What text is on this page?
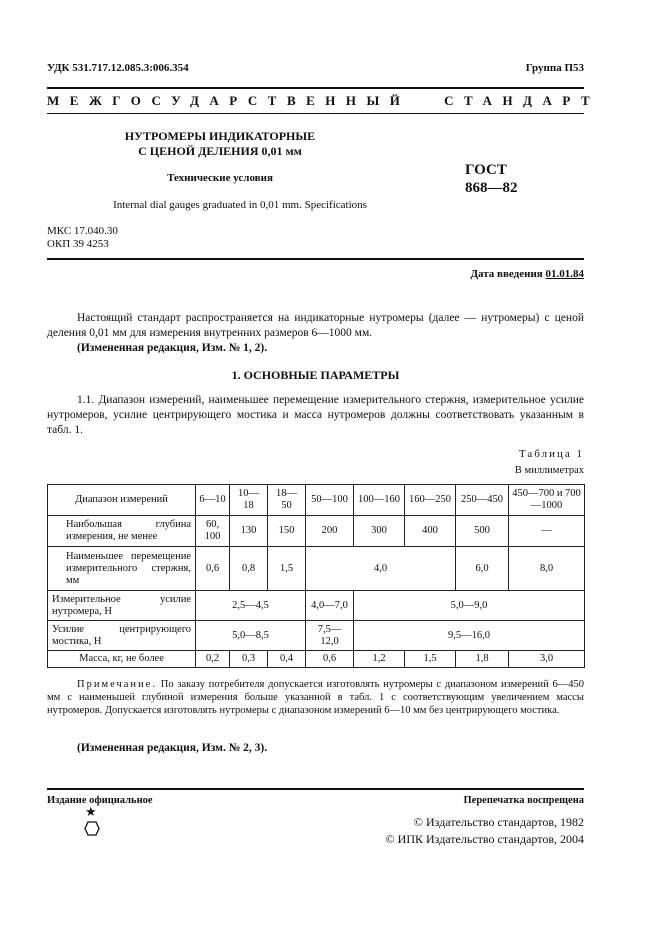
УДК 531.717.12.085.3:006.354	Группа П53
МЕЖГОСУДАРСТВЕННЫЙ СТАНДАРТ
НУТРОМЕРЫ ИНДИКАТОРНЫЕ
С ЦЕНОЙ ДЕЛЕНИЯ 0,01 мм
Технические условия	ГОСТ
868—82
Internal dial gauges graduated in 0,01 mm. Specifications
МКС 17.040.30
ОКП 39 4253
Дата введения 01.01.84
Настоящий стандарт распространяется на индикаторные нутромеры (далее — нутромеры) с ценой деления 0,01 мм для измерения внутренних размеров 6—1000 мм.
(Измененная редакция, Изм. № 1, 2).
1. ОСНОВНЫЕ ПАРАМЕТРЫ
1.1. Диапазон измерений, наименьшее перемещение измерительного стержня, измерительное усилие нутромеров, усилие центрирующего мостика и масса нутромеров должны соответствовать указанным в табл. 1.
Таблица 1
В миллиметрах
Диапазон измерений	6—10	10—18	18—50	50—100	100—160	160—250	250—450	450—700 и 700—1000
Наибольшая глубина измерения, не менее	60, 100	130	150	200	300	400	500	—
Наименьшее перемещение измерительного стержня, мм	0,6	0,8	1,5	4,0			6,0	8,0
Измерительное усилие нутромера, Н	2,5—4,5			4,0—7,0	5,0—9,0			
Усилие центрирующего мостика, Н	5,0—8,5			7,5—12,0	9,5—16,0			
Масса, кг, не более	0,2	0,3	0,4	0,6	1,2	1,5	1,8	3,0
Примечание. По заказу потребителя допускается изготовлять нутромеры с диапазоном измерений 6—450 мм с наименьшей глубиной измерения больше указанной в табл. 1 с соответствующим увеличением массы нутромеров. Допускается изготовлять нутромеры с диапазоном измерений 6—10 мм без центрирующего мостика.
(Измененная редакция, Изм. № 2, 3).
Издание официальное	Перепечатка воспрещена
★
© Издательство стандартов, 1982
© ИПК Издательство стандартов, 2004
